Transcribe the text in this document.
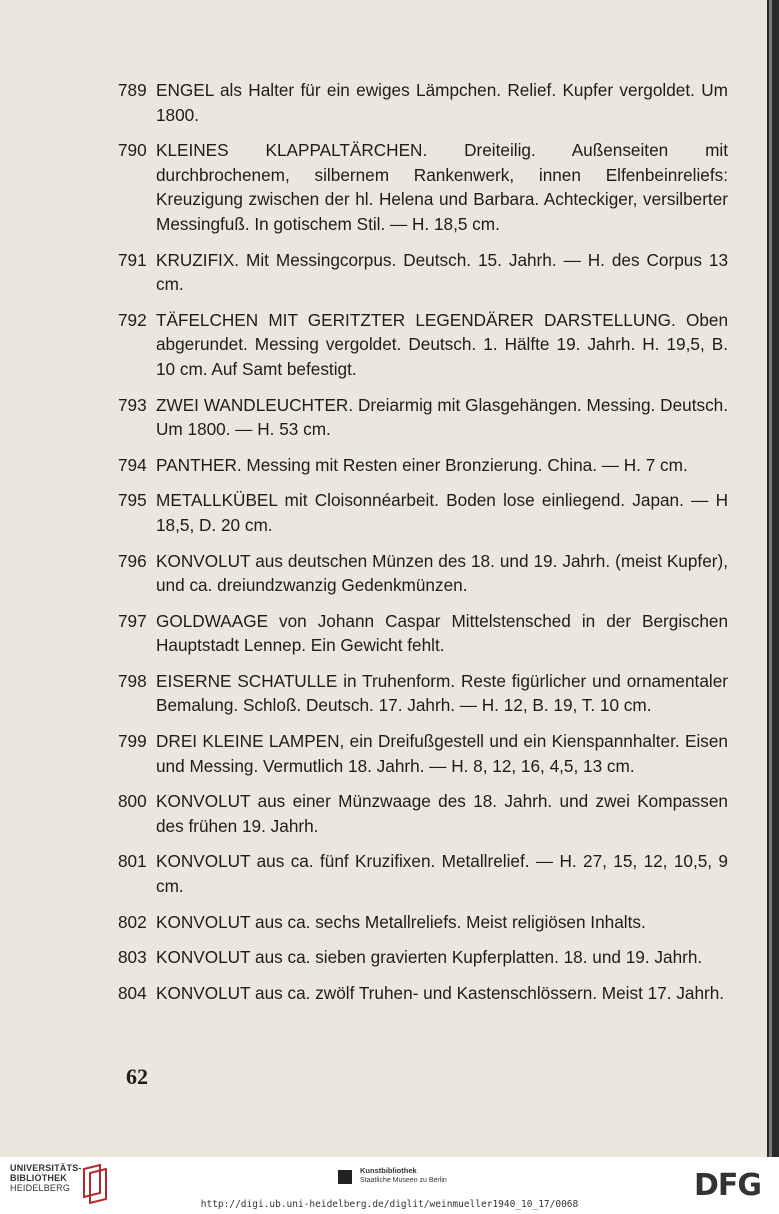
789 ENGEL als Halter für ein ewiges Lämpchen. Relief. Kupfer vergoldet. Um 1800.
790 KLEINES KLAPPALTÄRCHEN. Dreiteilig. Außenseiten mit durchbrochenem, silbernem Rankenwerk, innen Elfenbeinreliefs: Kreuzigung zwischen der hl. Helena und Barbara. Achteckiger, versilberter Messingfuß. In gotischem Stil. — H. 18,5 cm.
791 KRUZIFIX. Mit Messingcorpus. Deutsch. 15. Jahrh. — H. des Corpus 13 cm.
792 TÄFELCHEN MIT GERITZTER LEGENDÄRER DARSTELLUNG. Oben abgerundet. Messing vergoldet. Deutsch. 1. Hälfte 19. Jahrh. H. 19,5, B. 10 cm. Auf Samt befestigt.
793 ZWEI WANDLEUCHTER. Dreiarmig mit Glasgehängen. Messing. Deutsch. Um 1800. — H. 53 cm.
794 PANTHER. Messing mit Resten einer Bronzierung. China. — H. 7 cm.
795 METALLKÜBEL mit Cloisonnéarbeit. Boden lose einliegend. Japan. — H 18,5, D. 20 cm.
796 KONVOLUT aus deutschen Münzen des 18. und 19. Jahrh. (meist Kupfer), und ca. dreiundzwanzig Gedenkmünzen.
797 GOLDWAAGE von Johann Caspar Mittelstensched in der Bergischen Hauptstadt Lennep. Ein Gewicht fehlt.
798 EISERNE SCHATULLE in Truhenform. Reste figürlicher und ornamentaler Bemalung. Schloß. Deutsch. 17. Jahrh. — H. 12, B. 19, T. 10 cm.
799 DREI KLEINE LAMPEN, ein Dreifußgestell und ein Kienspannhalter. Eisen und Messing. Vermutlich 18. Jahrh. — H. 8, 12, 16, 4,5, 13 cm.
800 KONVOLUT aus einer Münzwaage des 18. Jahrh. und zwei Kompassen des frühen 19. Jahrh.
801 KONVOLUT aus ca. fünf Kruzifixen. Metallrelief. — H. 27, 15, 12, 10,5, 9 cm.
802 KONVOLUT aus ca. sechs Metallreliefs. Meist religiösen Inhalts.
803 KONVOLUT aus ca. sieben gravierten Kupferplatten. 18. und 19. Jahrh.
804 KONVOLUT aus ca. zwölf Truhen- und Kastenschlössern. Meist 17. Jahrh.
62
UNIVERSITÄTS-
BIBLIOTHEK
HEIDELBERG
Kunstbibliothek
Staatliche Museen zu Berlin	DFG
http://digi.ub.uni-heidelberg.de/diglit/weinmueller1940_10_17/0068
